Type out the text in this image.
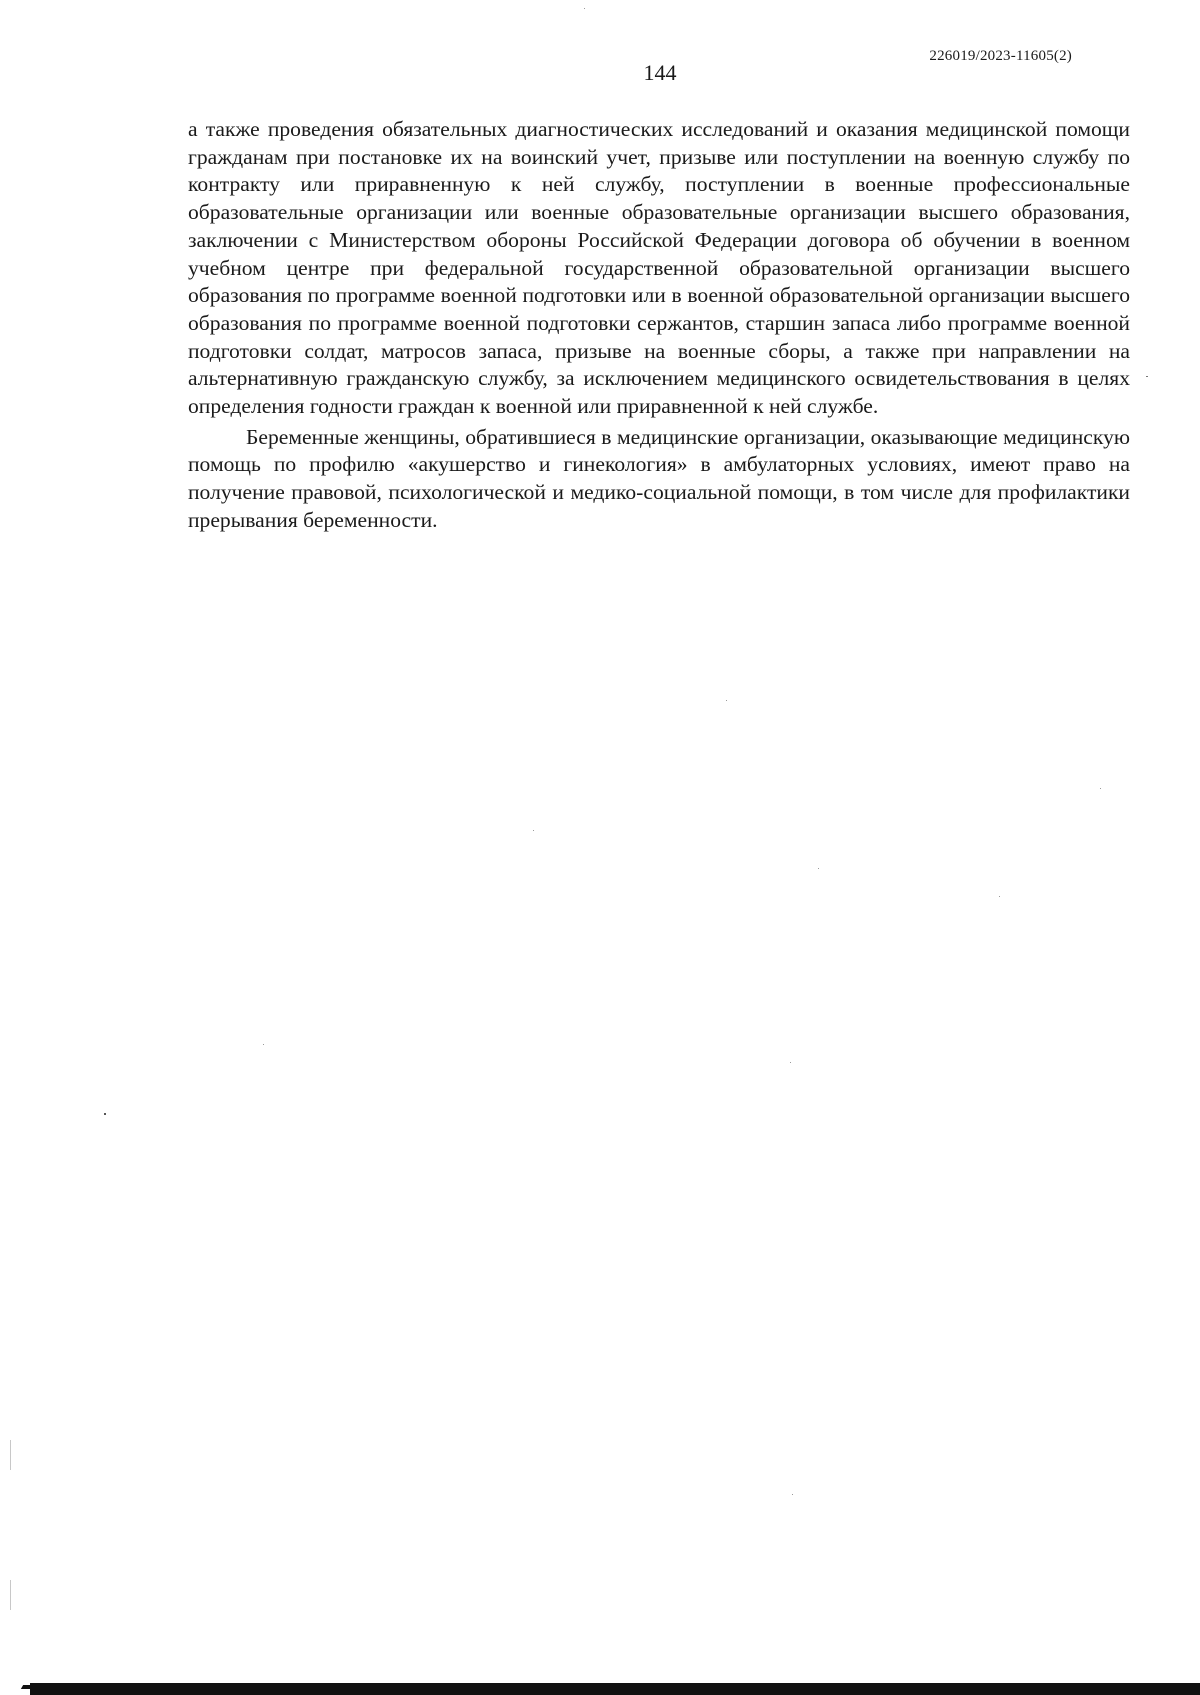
226019/2023-11605(2)
144

а также проведения обязательных диагностических исследований и оказания медицинской помощи гражданам при постановке их на воинский учет, призыве или поступлении на военную службу по контракту или приравненную к ней службу, поступлении в военные профессиональные образовательные организации или военные образовательные организации высшего образования, заключении с Министерством обороны Российской Федерации договора об обучении в военном учебном центре при федеральной государственной образовательной организации высшего образования по программе военной подготовки или в военной образовательной организации высшего образования по программе военной подготовки сержантов, старшин запаса либо программе военной подготовки солдат, матросов запаса, призыве на военные сборы, а также при направлении на альтернативную гражданскую службу, за исключением медицинского освидетельствования в целях определения годности граждан к военной или приравненной к ней службе.

Беременные женщины, обратившиеся в медицинские организации, оказывающие медицинскую помощь по профилю «акушерство и гинекология» в амбулаторных условиях, имеют право на получение правовой, психологической и медико-социальной помощи, в том числе для профилактики прерывания беременности.
